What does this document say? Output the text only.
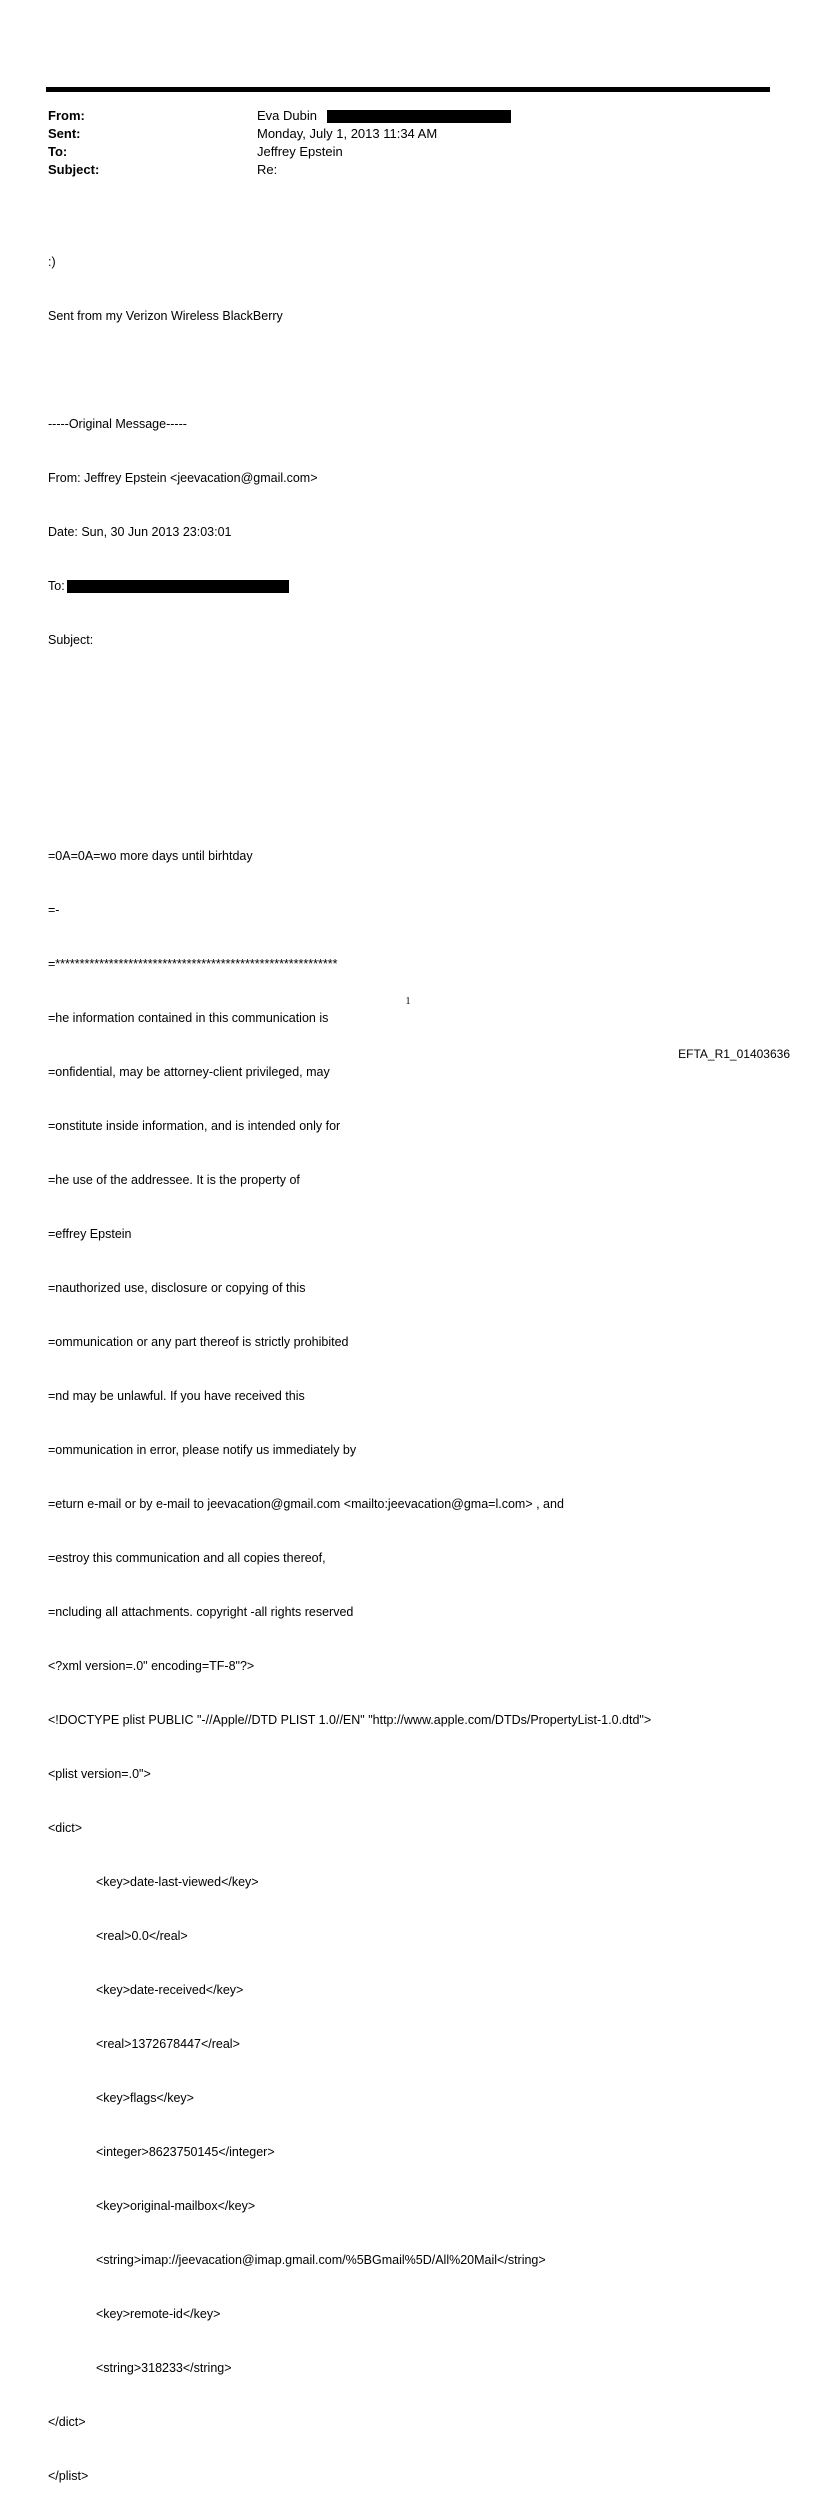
From:	Eva Dubin
Sent:	Monday, July 1, 2013 11:34 AM
To:	Jeffrey Epstein
Subject:	Re:

:)

Sent from my Verizon Wireless BlackBerry

-----Original Message-----

From: Jeffrey Epstein <jeevacation@gmail.com>

Date: Sun, 30 Jun 2013 23:03:01

To:

Subject:

=0A=0A=wo more days until birhtday

=-

=**********************************************************

=he information contained in this communication is

=onfidential, may be attorney-client privileged, may

=onstitute inside information, and is intended only for

=he use of the addressee. It is the property of

=effrey Epstein

=nauthorized use, disclosure or copying of this

=ommunication or any part thereof is strictly prohibited

=nd may be unlawful. If you have received this

=ommunication in error, please notify us immediately by

=eturn e-mail or by e-mail to jeevacation@gmail.com <mailto:jeevacation@gma=l.com> , and

=estroy this communication and all copies thereof,

=ncluding all attachments. copyright -all rights reserved

<?xml version=.0" encoding=TF-8"?>

<!DOCTYPE plist PUBLIC "-//Apple//DTD PLIST 1.0//EN" "http://www.apple.com/DTDs/PropertyList-1.0.dtd">

<plist version=.0">

<dict>

<key>date-last-viewed</key>

<real>0.0</real>

<key>date-received</key>

<real>1372678447</real>

<key>flags</key>

<integer>8623750145</integer>

<key>original-mailbox</key>

<string>imap://jeevacation@imap.gmail.com/%5BGmail%5D/All%20Mail</string>

<key>remote-id</key>

<string>318233</string>

</dict>

</plist>

1
EFTA_R1_01403636
